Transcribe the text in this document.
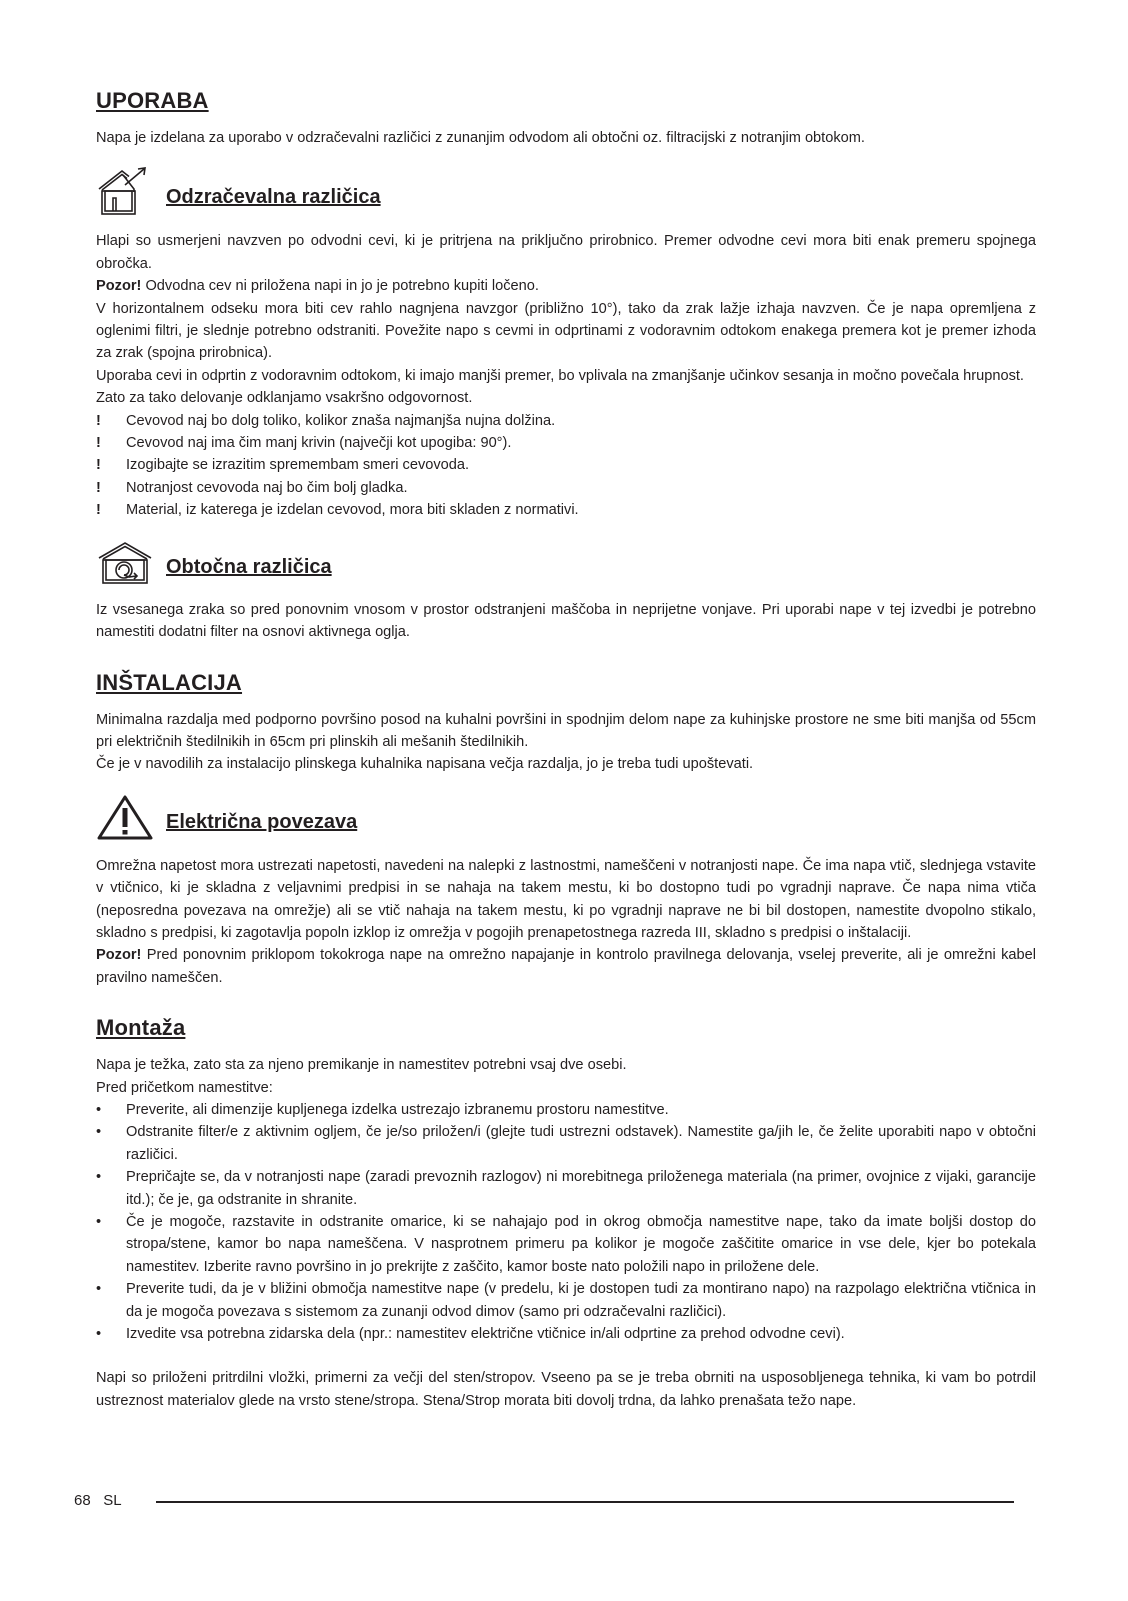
UPORABA

Napa je izdelana za uporabo v odzračevalni različici z zunanjim odvodom ali obtočni oz. filtracijski z notranjim obtokom.

Odzračevalna različica

Hlapi so usmerjeni navzven po odvodni cevi, ki je pritrjena na priključno prirobnico. Premer odvodne cevi mora biti enak premeru spojnega obročka.

Pozor! Odvodna cev ni priložena napi in jo je potrebno kupiti ločeno.

V horizontalnem odseku mora biti cev rahlo nagnjena navzgor (približno 10°), tako da zrak lažje izhaja navzven. Če je napa opremljena z oglenimi filtri, je slednje potrebno odstraniti. Povežite napo s cevmi in odprtinami z vodoravnim odtokom enakega premera kot je premer izhoda za zrak (spojna prirobnica).

Uporaba cevi in odprtin z vodoravnim odtokom, ki imajo manjši premer, bo vplivala na zmanjšanje učinkov sesanja in močno povečala hrupnost.

Zato za tako delovanje odklanjamo vsakršno odgovornost.

! Cevovod naj bo dolg toliko, kolikor znaša najmanjša nujna dolžina.
! Cevovod naj ima čim manj krivin (največji kot upogiba: 90°).
! Izogibajte se izrazitim spremembam smeri cevovoda.
! Notranjost cevovoda naj bo čim bolj gladka.
! Material, iz katerega je izdelan cevovod, mora biti skladen z normativi.
Obtočna različica

Iz vsesanega zraka so pred ponovnim vnosom v prostor odstranjeni maščoba in neprijetne vonjave. Pri uporabi nape v tej izvedbi je potrebno namestiti dodatni filter na osnovi aktivnega oglja.

INŠTALACIJA

Minimalna razdalja med podporno površino posod na kuhalni površini in spodnjim delom nape za kuhinjske prostore ne sme biti manjša od 55cm pri električnih štedilnikih in 65cm pri plinskih ali mešanih štedilnikih.

Če je v navodilih za instalacijo plinskega kuhalnika napisana večja razdalja, jo je treba tudi upoštevati.

Električna povezava

Omrežna napetost mora ustrezati napetosti, navedeni na nalepki z lastnostmi, nameščeni v notranjosti nape. Če ima napa vtič, slednjega vstavite v vtičnico, ki je skladna z veljavnimi predpisi in se nahaja na takem mestu, ki bo dostopno tudi po vgradnji naprave. Če napa nima vtiča (neposredna povezava na omrežje) ali se vtič nahaja na takem mestu, ki po vgradnji naprave ne bi bil dostopen, namestite dvopolno stikalo, skladno s predpisi, ki zagotavlja popoln izklop iz omrežja v pogojih prenapetostnega razreda III, skladno s predpisi o inštalaciji.

Pozor! Pred ponovnim priklopom tokokroga nape na omrežno napajanje in kontrolo pravilnega delovanja, vselej preverite, ali je omrežni kabel pravilno nameščen.

Montaža

Napa je težka, zato sta za njeno premikanje in namestitev potrebni vsaj dve osebi.

Pred pričetkom namestitve:

• Preverite, ali dimenzije kupljenega izdelka ustrezajo izbranemu prostoru namestitve.
• Odstranite filter/e z aktivnim ogljem, če je/so priložen/i (glejte tudi ustrezni odstavek). Namestite ga/jih le, če želite uporabiti napo v obtočni različici.
• Prepričajte se, da v notranjosti nape (zaradi prevoznih razlogov) ni morebitnega priloženega materiala (na primer, ovojnice z vijaki, garancije itd.); če je, ga odstranite in shranite.
• Če je mogoče, razstavite in odstranite omarice, ki se nahajajo pod in okrog območja namestitve nape, tako da imate boljši dostop do stropa/stene, kamor bo napa nameščena. V nasprotnem primeru pa kolikor je mogoče zaščitite omarice in vse dele, kjer bo potekala namestitev. Izberite ravno površino in jo prekrijte z zaščito, kamor boste nato položili napo in priložene dele.
• Preverite tudi, da je v bližini območja namestitve nape (v predelu, ki je dostopen tudi za montirano napo) na razpolago električna vtičnica in da je mogoča povezava s sistemom za zunanji odvod dimov (samo pri odzračevalni različici).
• Izvedite vsa potrebna zidarska dela (npr.: namestitev električne vtičnice in/ali odprtine za prehod odvodne cevi).

Napi so priloženi pritrdilni vložki, primerni za večji del sten/stropov. Vseeno pa se je treba obrniti na usposobljenega tehnika, ki vam bo potrdil ustreznost materialov glede na vrsto stene/stropa. Stena/Strop morata biti dovolj trdna, da lahko prenašata težo nape.

68 SL
